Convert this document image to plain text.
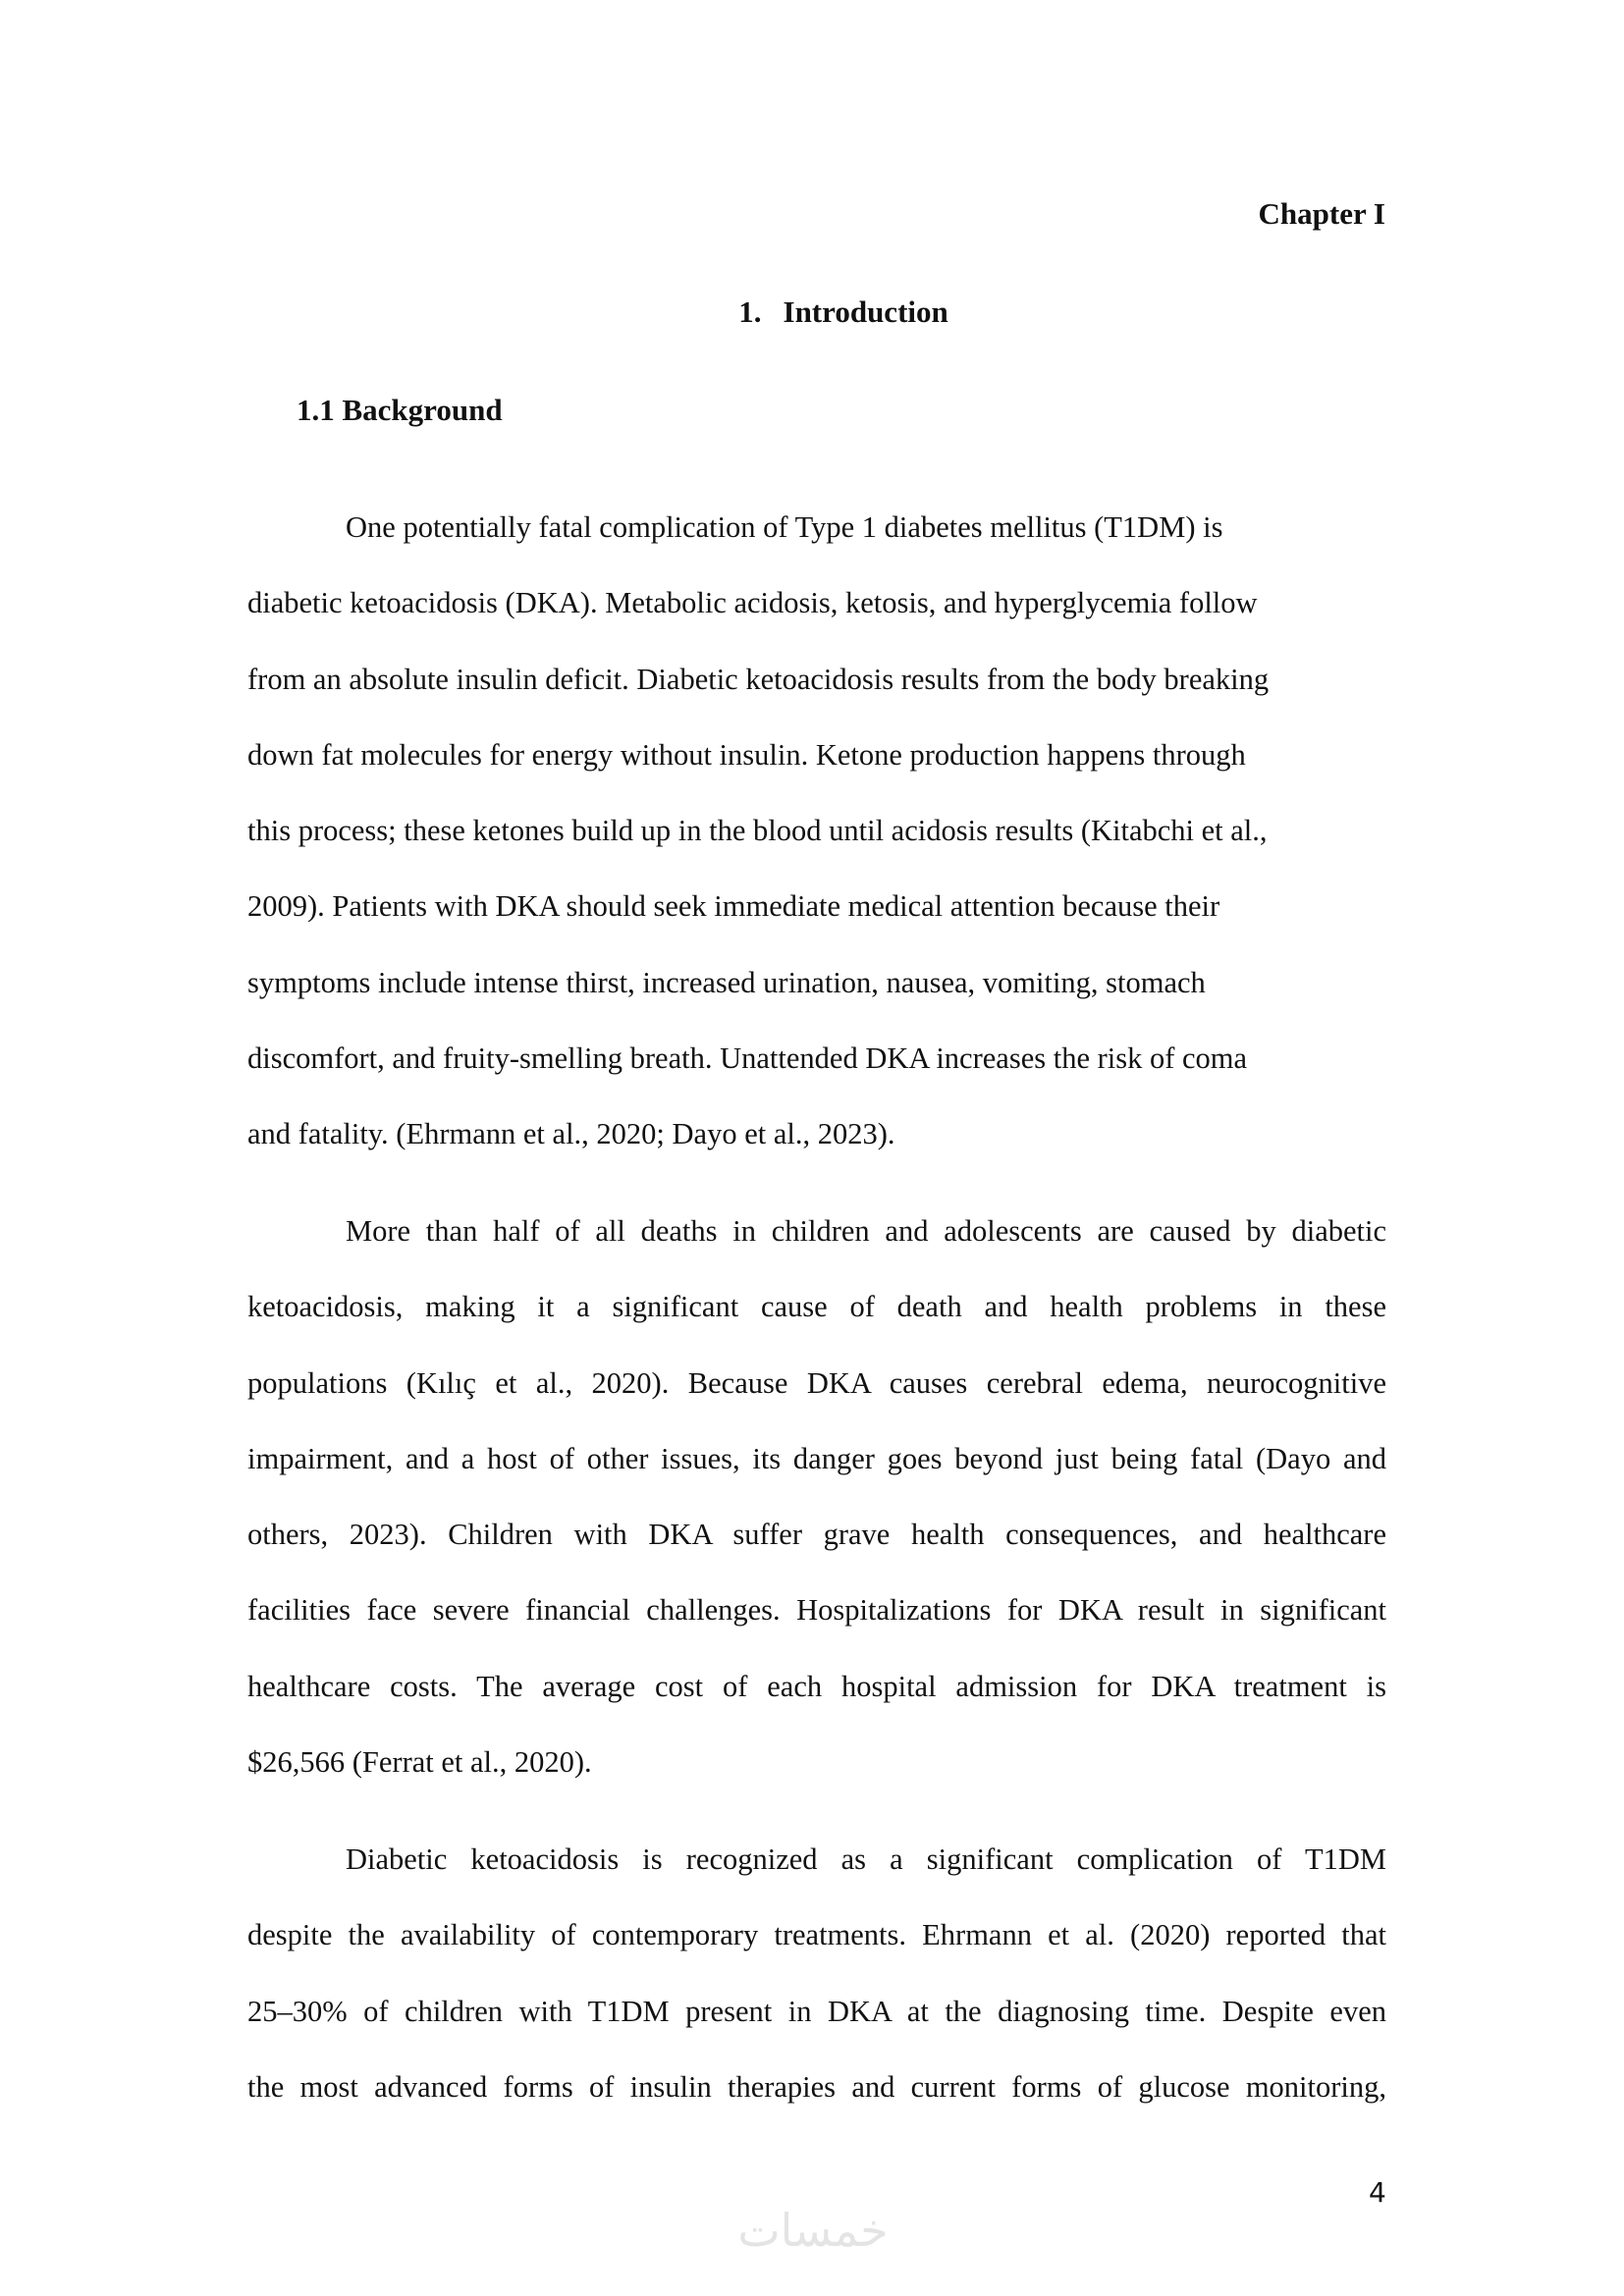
Chapter I
1. Introduction
1.1 Background

One potentially fatal complication of Type 1 diabetes mellitus (T1DM) is
diabetic ketoacidosis (DKA). Metabolic acidosis, ketosis, and hyperglycemia follow
from an absolute insulin deficit. Diabetic ketoacidosis results from the body breaking
down fat molecules for energy without insulin. Ketone production happens through
this process; these ketones build up in the blood until acidosis results (Kitabchi et al.,
2009). Patients with DKA should seek immediate medical attention because their
symptoms include intense thirst, increased urination, nausea, vomiting, stomach
discomfort, and fruity-smelling breath. Unattended DKA increases the risk of coma
and fatality. (Ehrmann et al., 2020; Dayo et al., 2023).

More than half of all deaths in children and adolescents are caused by diabetic
ketoacidosis, making it a significant cause of death and health problems in these
populations (Kılıç et al., 2020). Because DKA causes cerebral edema, neurocognitive
impairment, and a host of other issues, its danger goes beyond just being fatal (Dayo and
others, 2023). Children with DKA suffer grave health consequences, and healthcare
facilities face severe financial challenges. Hospitalizations for DKA result in significant
healthcare costs. The average cost of each hospital admission for DKA treatment is
$26,566 (Ferrat et al., 2020).

Diabetic ketoacidosis is recognized as a significant complication of T1DM
despite the availability of contemporary treatments. Ehrmann et al. (2020) reported that
25–30% of children with T1DM present in DKA at the diagnosing time. Despite even
the most advanced forms of insulin therapies and current forms of glucose monitoring,

4
خمسات
